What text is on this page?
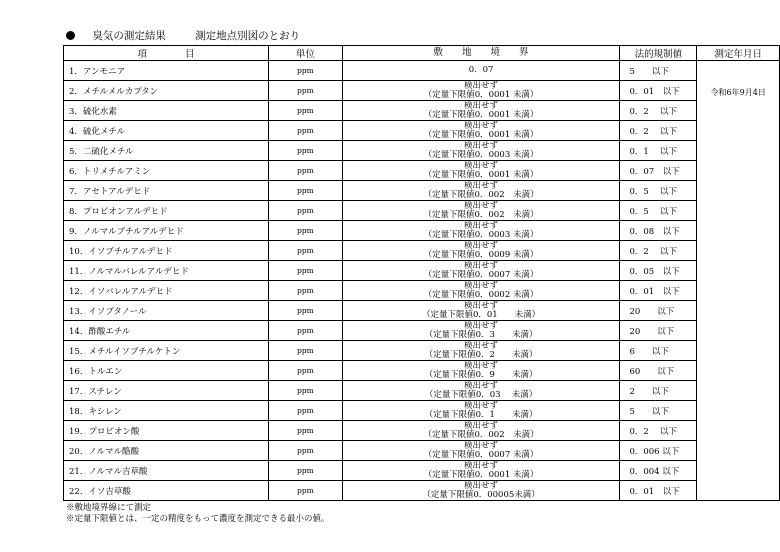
臭気の測定結果	測定地点別図のとおり
項　　　　目	単位	敷　　地　　境　　界	法的規制値	測定年月日
1．アンモニア	ppm	0．07	5　　以下	令和6年9月4日

2．メチルメルカプタン	ppm	検出せず
（定量下限値0．0001 未満）	0．01　以下	
3．硫化水素	ppm	検出せず
（定量下限値0．0001 未満）	0．2　 以下	
4．硫化メチル	ppm	検出せず
（定量下限値0．0001 未満）	0．2　 以下	
5．二硫化メチル	ppm	検出せず
（定量下限値0．0003 未満）	0．1　 以下	
6．トリメチルアミン	ppm	検出せず
（定量下限値0．0001 未満）	0．07　以下	
7．アセトアルデヒド	ppm	検出せず
（定量下限値0．002　未満）	0．5　 以下	
8．プロピオンアルデヒド	ppm	検出せず
（定量下限値0．002　未満）	0．5　 以下	
9．ノルマルブチルアルデヒド	ppm	検出せず
（定量下限値0．0003 未満）	0．08　以下	
10．イソブチルアルデヒド	ppm	検出せず
（定量下限値0．0009 未満）	0．2　 以下	
11．ノルマルバレルアルデヒド	ppm	検出せず
（定量下限値0．0007 未満）	0．05　以下	
12．イソバレルアルデヒド	ppm	検出せず
（定量下限値0．0002 未満）	0．01　以下	
13．イソブタノール	ppm	検出せず
（定量下限値0．01　　未満）	20　　以下	
14．酢酸エチル	ppm	検出せず
（定量下限値0．3　　未満）	20　　以下	
15．メチルイソブチルケトン	ppm	検出せず
（定量下限値0．2　　未満）	6　　以下	
16．トルエン	ppm	検出せず
（定量下限値0．9　　未満）	60　　以下	
17．スチレン	ppm	検出せず
（定量下限値0．03　 未満）	2　　以下	
18．キシレン	ppm	検出せず
（定量下限値0．1　　未満）	5　　以下	
19．プロピオン酸	ppm	検出せず
（定量下限値0．002　未満）	0．2　 以下	
20．ノルマル酪酸	ppm	検出せず
（定量下限値0．0007 未満）	0．006 以下	
21．ノルマル吉草酸	ppm	検出せず
（定量下限値0．0001 未満）	0．004 以下	
22．イソ吉草酸	ppm	検出せず
（定量下限値0．00005未満）	0．01　以下	
※敷地境界線にて測定
※定量下限値とは、一定の精度をもって濃度を測定できる最小の値。
